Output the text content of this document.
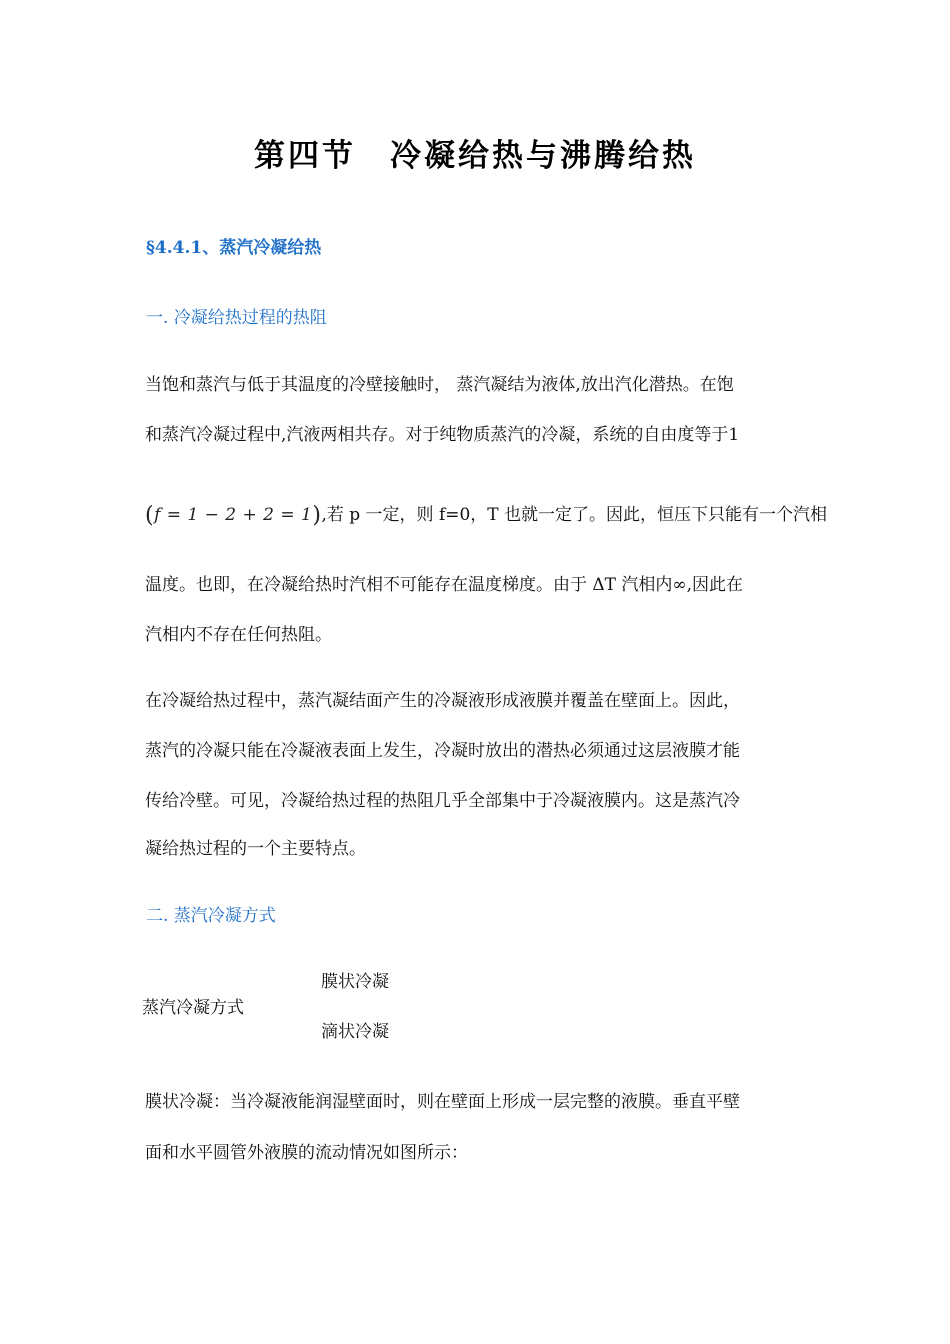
第四节　冷凝给热与沸腾给热
§4.4.1、蒸汽冷凝给热
一. 冷凝给热过程的热阻
当饱和蒸汽与低于其温度的冷壁接触时， 蒸汽凝结为液体,放出汽化潜热。在饱
和蒸汽冷凝过程中,汽液两相共存。对于纯物质蒸汽的冷凝，系统的自由度等于1
(f = 1 − 2 + 2 = 1),若 p 一定，则 f=0，T 也就一定了。因此，恒压下只能有一个汽相
温度。也即，在冷凝给热时汽相不可能存在温度梯度。由于 ΔT 汽相内∞,因此在
汽相内不存在任何热阻。
在冷凝给热过程中，蒸汽凝结面产生的冷凝液形成液膜并覆盖在壁面上。因此，
蒸汽的冷凝只能在冷凝液表面上发生，冷凝时放出的潜热必须通过这层液膜才能
传给冷壁。可见，冷凝给热过程的热阻几乎全部集中于冷凝液膜内。这是蒸汽冷
凝给热过程的一个主要特点。
二. 蒸汽冷凝方式
蒸汽冷凝方式
膜状冷凝
滴状冷凝
膜状冷凝：当冷凝液能润湿壁面时，则在壁面上形成一层完整的液膜。垂直平壁
面和水平圆管外液膜的流动情况如图所示：
